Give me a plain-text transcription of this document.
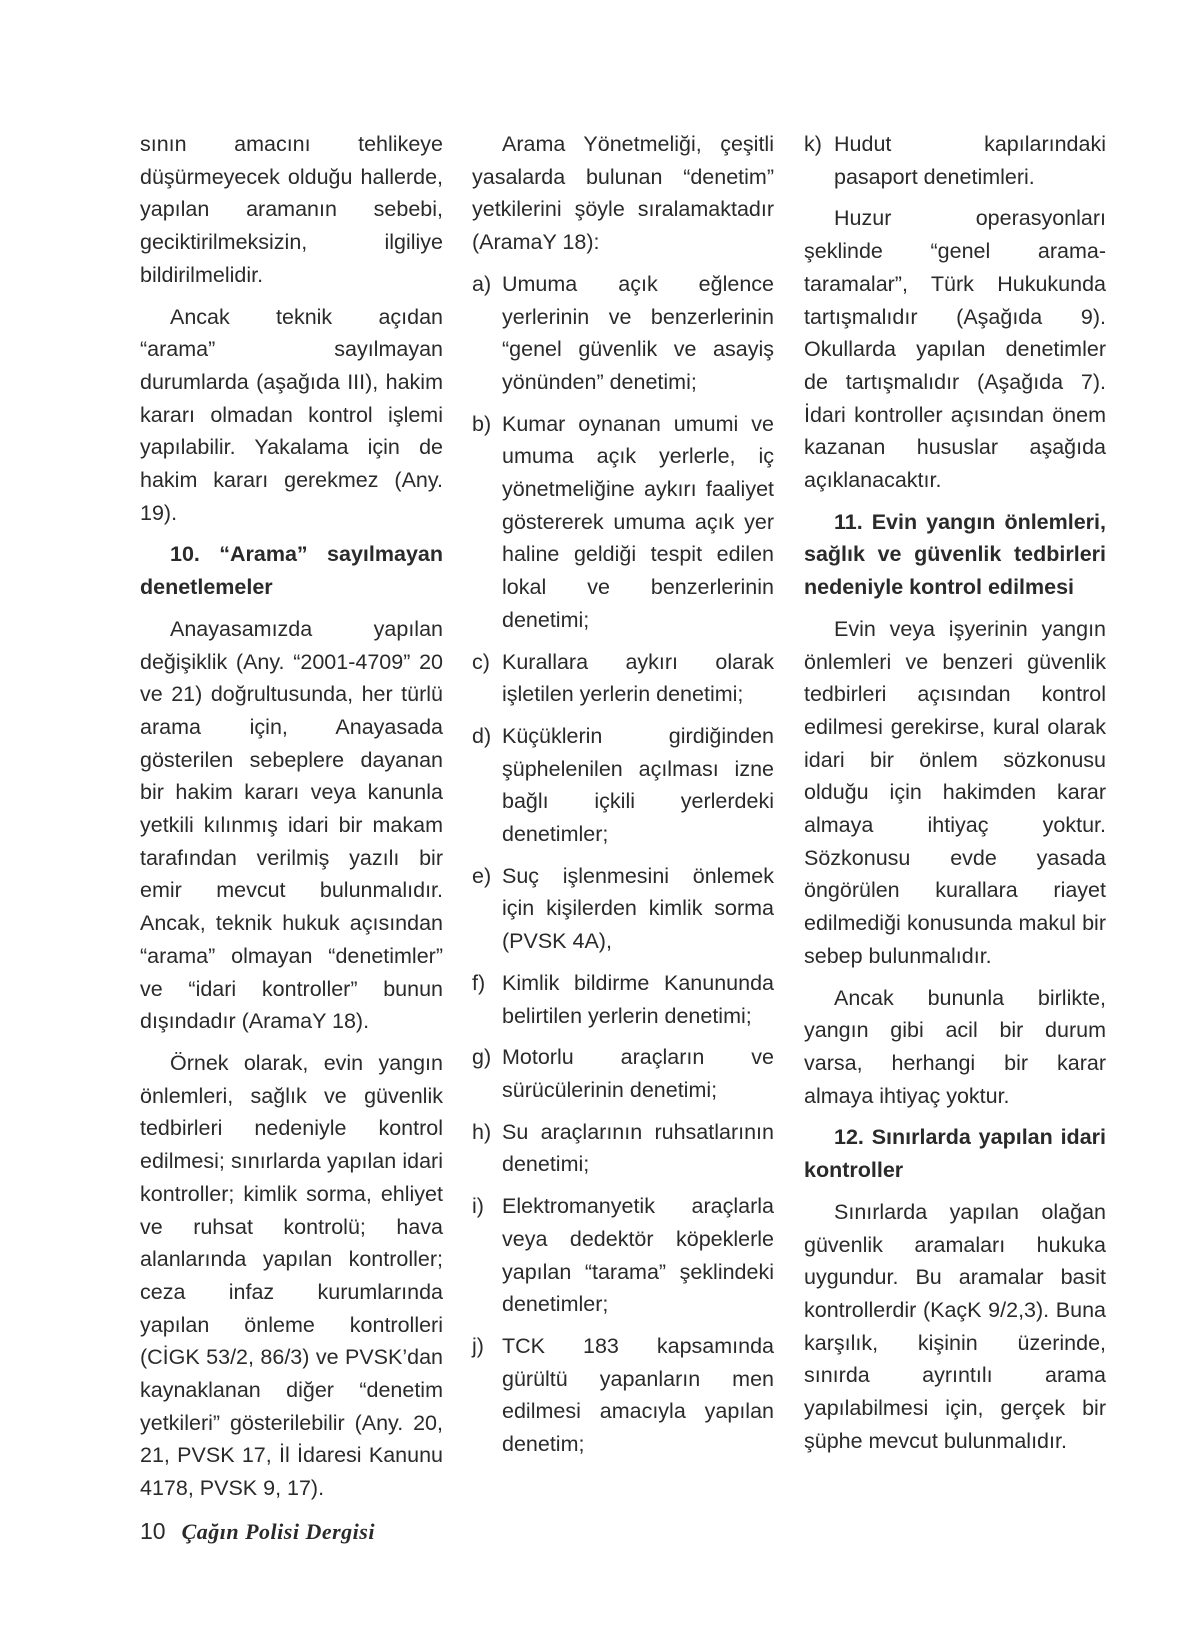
sının amacını tehlikeye düşürmeyecek olduğu hallerde, yapılan aramanın sebebi, geciktirilmeksizin, ilgiliye bildirilmelidir.

Ancak teknik açıdan “arama” sayılmayan durumlarda (aşağıda III), hakim kararı olmadan kontrol işlemi yapılabilir. Yakalama için de hakim kararı gerekmez (Any. 19).

10. “Arama” sayılmayan denetlemeler

Anayasamızda yapılan değişiklik (Any. “2001-4709” 20 ve 21) doğrultusunda, her türlü arama için, Anayasada gösterilen sebeplere dayanan bir hakim kararı veya kanunla yetkili kılınmış idari bir makam tarafından verilmiş yazılı bir emir mevcut bulunmalıdır. Ancak, teknik hukuk açısından “arama” olmayan “denetimler” ve “idari kontroller” bunun dışındadır (AramaY 18).

Örnek olarak, evin yangın önlemleri, sağlık ve güvenlik tedbirleri nedeniyle kontrol edilmesi; sınırlarda yapılan idari kontroller; kimlik sorma, ehliyet ve ruhsat kontrolü; hava alanlarında yapılan kontroller; ceza infaz kurumlarında yapılan önleme kontrolleri (CİGK 53/2, 86/3) ve PVSK’dan kaynaklanan diğer “denetim yetkileri” gösterilebilir (Any. 20, 21, PVSK 17, İl İdaresi Kanunu 4178, PVSK 9, 17).

Arama Yönetmeliği, çeşitli yasalarda bulunan “denetim” yetkilerini şöyle sıralamaktadır (AramaY 18):

a) Umuma açık eğlence yerlerinin ve benzerlerinin “genel güvenlik ve asayiş yönünden” denetimi;
b) Kumar oynanan umumi ve umuma açık yerlerle, iç yönetmeliğine aykırı faaliyet göstererek umuma açık yer haline geldiği tespit edilen lokal ve benzerlerinin denetimi;
c) Kurallara aykırı olarak işletilen yerlerin denetimi;
d) Küçüklerin girdiğinden şüphelenilen açılması izne bağlı içkili yerlerdeki denetimler;
e) Suç işlenmesini önlemek için kişilerden kimlik sorma (PVSK 4A),
f) Kimlik bildirme Kanununda belirtilen yerlerin denetimi;
g) Motorlu araçların ve sürücülerinin denetimi;
h) Su araçlarının ruhsatlarının denetimi;
i) Elektromanyetik araçlarla veya dedektör köpeklerle yapılan “tarama” şeklindeki denetimler;
j) TCK 183 kapsamında gürültü yapanların men edilmesi amacıyla yapılan denetim;
k) Hudut kapılarındaki pasaport denetimleri.

Huzur operasyonları şeklinde “genel arama-taramalar”, Türk Hukukunda tartışmalıdır (Aşağıda 9). Okullarda yapılan denetimler de tartışmalıdır (Aşağıda 7). İdari kontroller açısından önem kazanan hususlar aşağıda açıklanacaktır.

11. Evin yangın önlemleri, sağlık ve güvenlik tedbirleri nedeniyle kontrol edilmesi

Evin veya işyerinin yangın önlemleri ve benzeri güvenlik tedbirleri açısından kontrol edilmesi gerekirse, kural olarak idari bir önlem sözkonusu olduğu için hakimden karar almaya ihtiyaç yoktur. Sözkonusu evde yasada öngörülen kurallara riayet edilmediği konusunda makul bir sebep bulunmalıdır.

Ancak bununla birlikte, yangın gibi acil bir durum varsa, herhangi bir karar almaya ihtiyaç yoktur.

12. Sınırlarda yapılan idari kontroller

Sınırlarda yapılan olağan güvenlik aramaları hukuka uygundur. Bu aramalar basit kontrollerdir (KaçK 9/2,3). Buna karşılık, kişinin üzerinde, sınırda ayrıntılı arama yapılabilmesi için, gerçek bir şüphe mevcut bulunmalıdır.

10 Çağın Polisi Dergisi
